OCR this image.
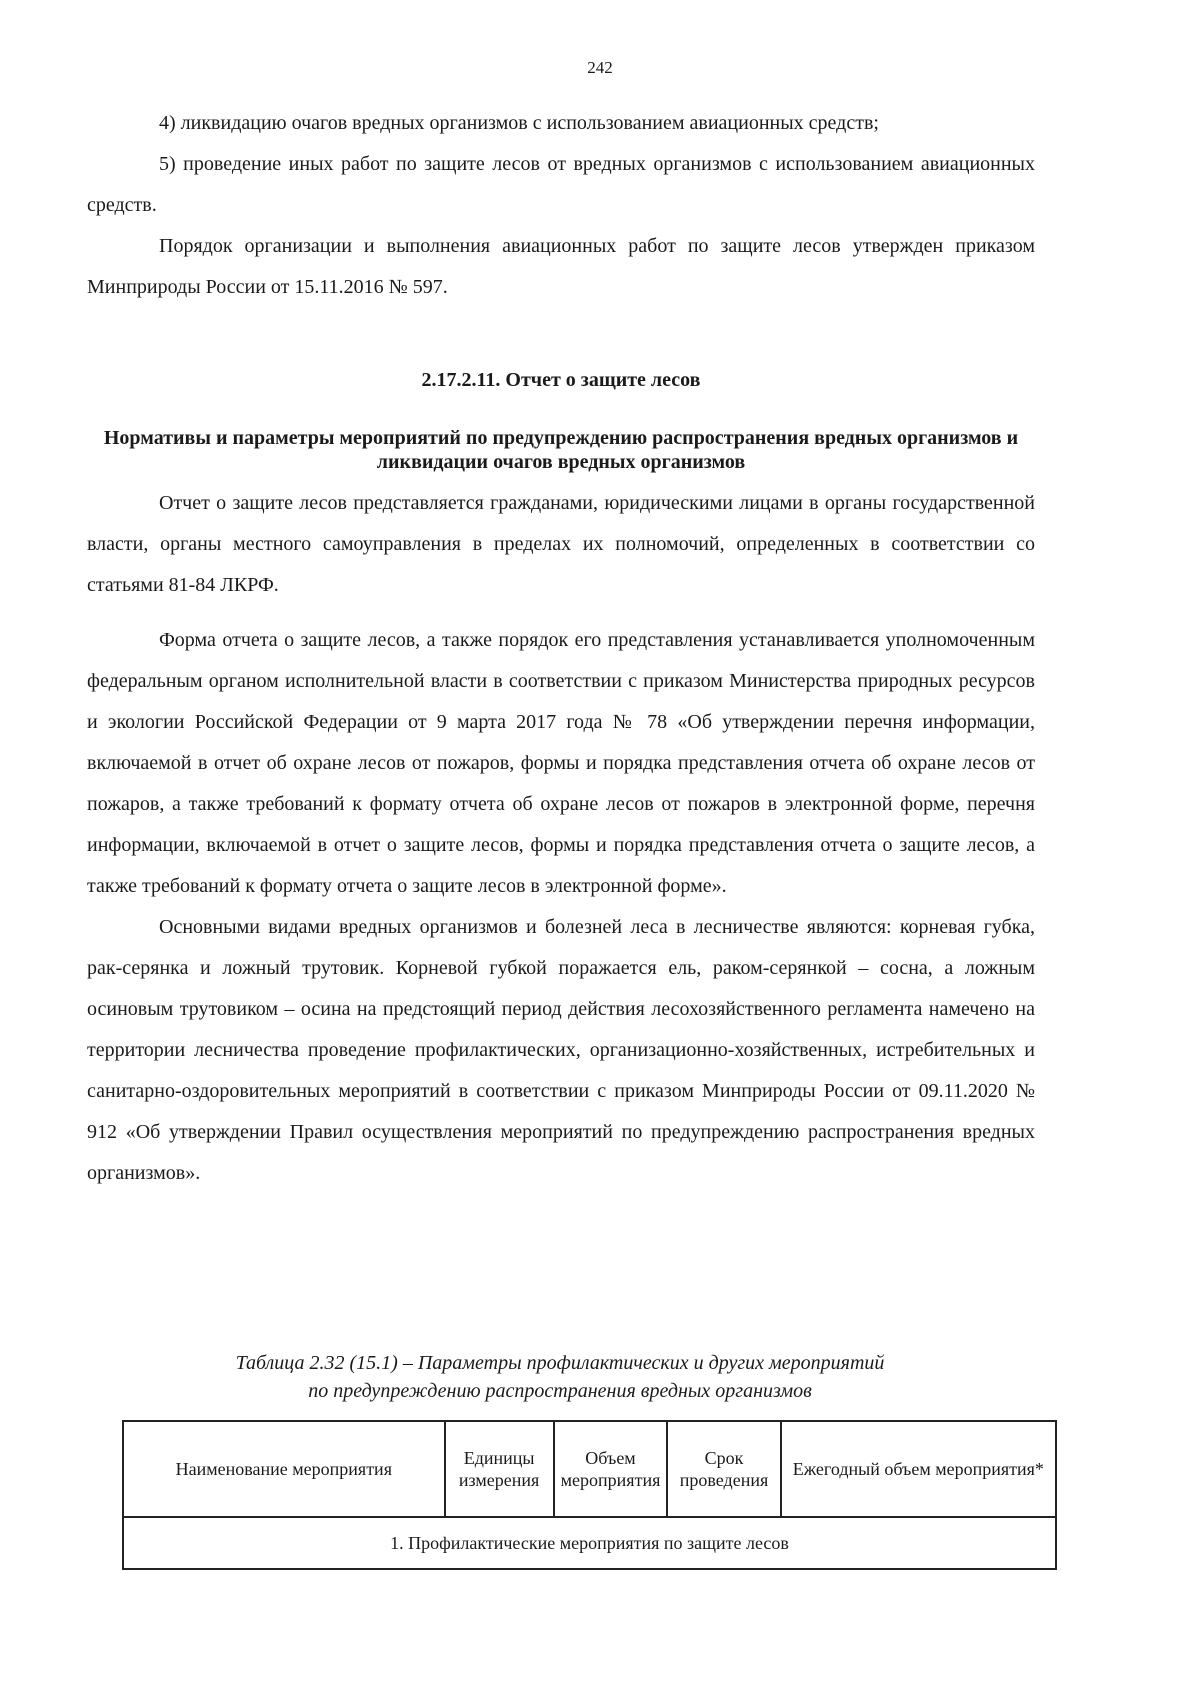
242

4) ликвидацию очагов вредных организмов с использованием авиационных средств;

5) проведение иных работ по защите лесов от вредных организмов с использованием авиационных средств.

Порядок организации и выполнения авиационных работ по защите лесов утвержден приказом Минприроды России от 15.11.2016 № 597.

2.17.2.11. Отчет о защите лесов
Нормативы и параметры мероприятий по предупреждению распространения вредных организмов и ликвидации очагов вредных организмов

Отчет о защите лесов представляется гражданами, юридическими лицами в органы государственной власти, органы местного самоуправления в пределах их полномочий, определенных в соответствии со статьями 81-84 ЛКРФ.

Форма отчета о защите лесов, а также порядок его представления устанавливается уполномоченным федеральным органом исполнительной власти в соответствии с приказом Министерства природных ресурсов и экологии Российской Федерации от 9 марта 2017 года № 78 «Об утверждении перечня информации, включаемой в отчет об охране лесов от пожаров, формы и порядка представления отчета об охране лесов от пожаров, а также требований к формату отчета об охране лесов от пожаров в электронной форме, перечня информации, включаемой в отчет о защите лесов, формы и порядка представления отчета о защите лесов, а также требований к формату отчета о защите лесов в электронной форме».

Основными видами вредных организмов и болезней леса в лесничестве являются: корневая губка, рак-серянка и ложный трутовик. Корневой губкой поражается ель, раком-серянкой – сосна, а ложным осиновым трутовиком – осина на предстоящий период действия лесохозяйственного регламента намечено на территории лесничества проведение профилактических, организационно-хозяйственных, истребительных и санитарно-оздоровительных мероприятий в соответствии с приказом Минприроды России от 09.11.2020 № 912 «Об утверждении Правил осуществления мероприятий по предупреждению распространения вредных организмов».

Таблица 2.32 (15.1) – Параметры профилактических и других мероприятий
по предупреждению распространения вредных организмов
Наименование мероприятия	Единицы измерения	Объем мероприятия	Срок проведения	Ежегодный объем мероприятия*
1. Профилактические мероприятия по защите лесов
